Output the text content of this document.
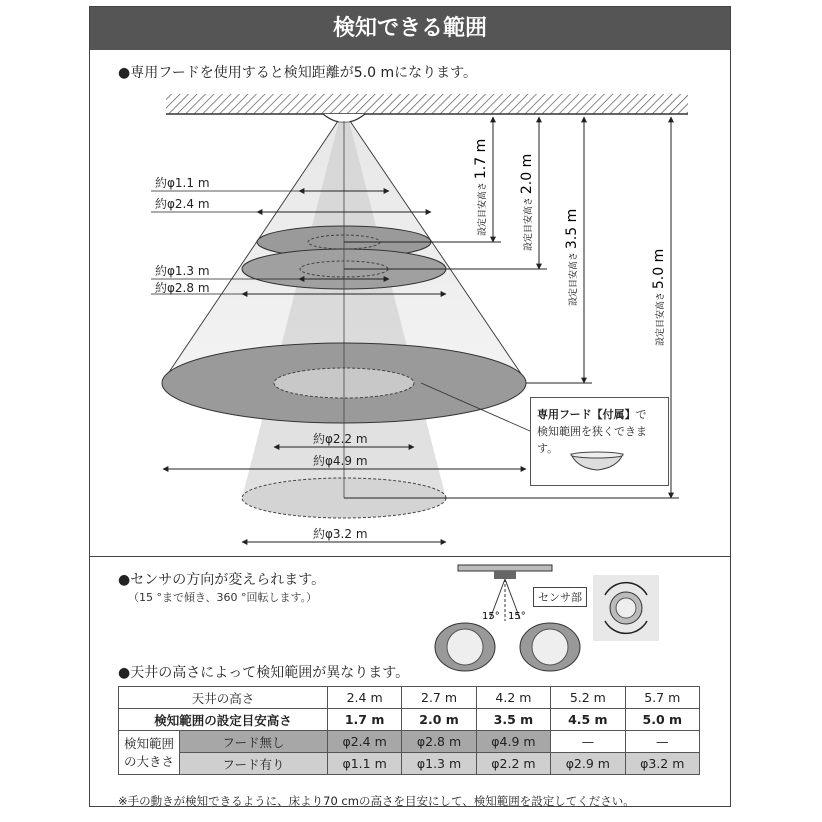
検知できる範囲
●専用フードを使用すると検知距離が5.0 mになります。
設定目安高さ 1.7 m
設定目安高さ 2.0 m
設定目安高さ 3.5 m
設定目安高さ 5.0 m
約φ1.1 m
約φ2.4 m
約φ1.3 m
約φ2.8 m
約φ2.2 m
約φ4.9 m
約φ3.2 m
専用フード【付属】で
検知範囲を狭くできます。
●センサの方向が変えられます。
（15 °まで傾き、360 °回転します。）
15° 15°
センサ部
●天井の高さによって検知範囲が異なります。
天井の高さ		2.4 m	2.7 m	4.2 m	5.2 m	5.7 m
検知範囲の設定目安高さ		1.7 m	2.0 m	3.5 m	4.5 m	5.0 m
検知範囲
の大きさ	フード無し	φ2.4 m	φ2.8 m	φ4.9 m	—	—
	フード有り	φ1.1 m	φ1.3 m	φ2.2 m	φ2.9 m	φ3.2 m
※手の動きが検知できるように、床より70 cmの高さを目安にして、検知範囲を設定してください。
